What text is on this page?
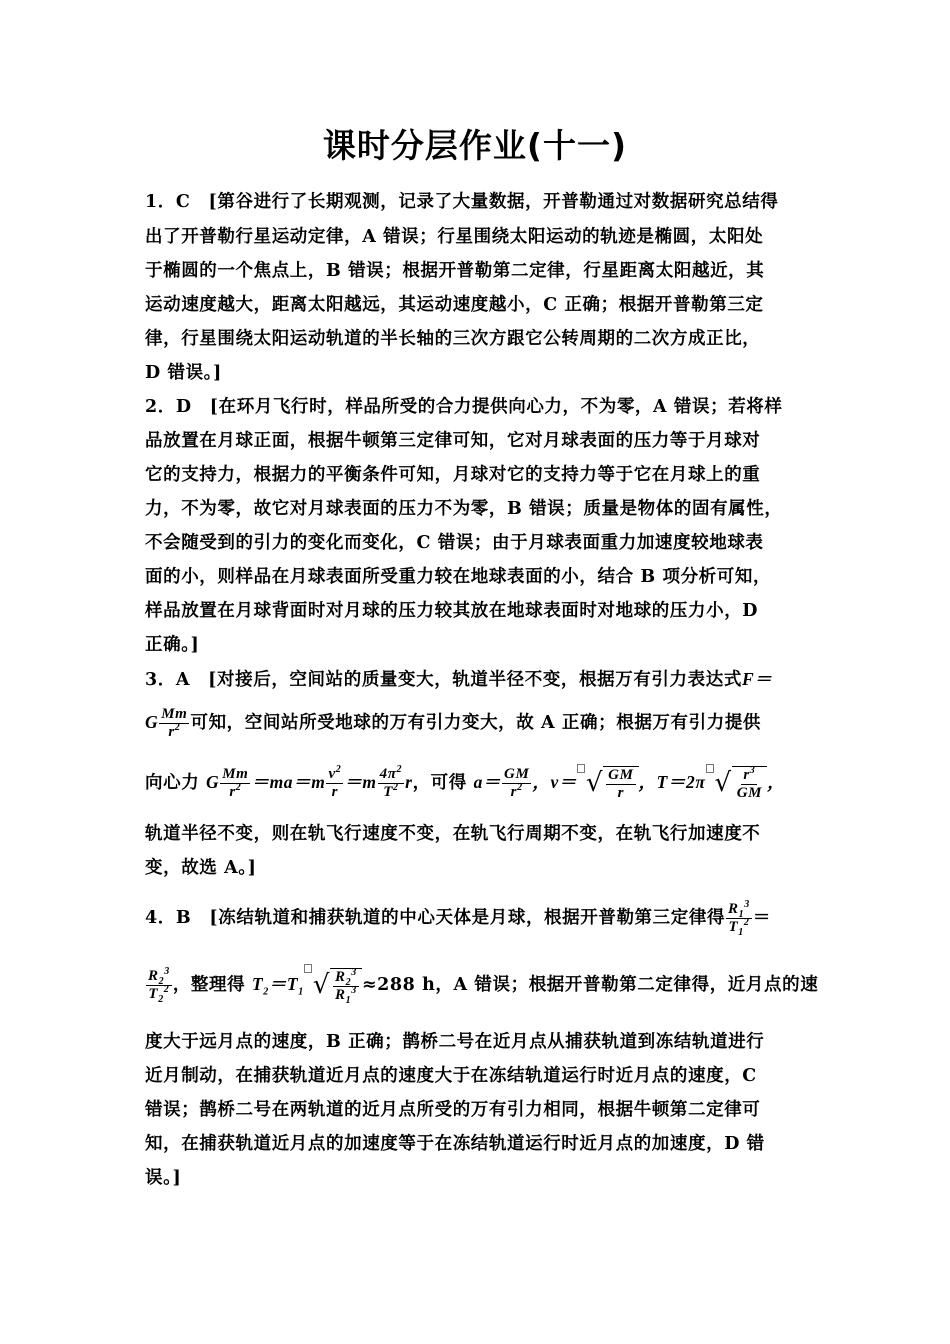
课时分层作业(十一)
1．C　[第谷进行了长期观测，记录了大量数据，开普勒通过对数据研究总结得
出了开普勒行星运动定律，A 错误；行星围绕太阳运动的轨迹是椭圆，太阳处
于椭圆的一个焦点上，B 错误；根据开普勒第二定律，行星距离太阳越近，其
运动速度越大，距离太阳越远，其运动速度越小，C 正确；根据开普勒第三定
律，行星围绕太阳运动轨道的半长轴的三次方跟它公转周期的二次方成正比，
D 错误。]
2．D　[在环月飞行时，样品所受的合力提供向心力，不为零，A 错误；若将样
品放置在月球正面，根据牛顿第三定律可知，它对月球表面的压力等于月球对
它的支持力，根据力的平衡条件可知，月球对它的支持力等于它在月球上的重
力，不为零，故它对月球表面的压力不为零，B 错误；质量是物体的固有属性，
不会随受到的引力的变化而变化，C 错误；由于月球表面重力加速度较地球表
面的小，则样品在月球表面所受重力较在地球表面的小，结合 B 项分析可知，
样品放置在月球背面时对月球的压力较其放在地球表面时对地球的压力小，D
正确。]
3．A　[对接后，空间站的质量变大，轨道半径不变，根据万有引力表达式F＝
G $\frac{Mm}{r^2}$ 可知，空间站所受地球的万有引力变大，故 A 正确；根据万有引力提供
向心力 G $\frac{Mm}{r^2} =ma=m \frac{v^2}{r} =m \frac{4\pi^2}{T^2}$ r，可得 $a= \frac{GM}{r^2}$ ，v＝ √ $\frac{GM}{r}$ ，T＝2π √ $\frac{r^3}{GM}$ ，
轨道半径不变，则在轨飞行速度不变，在轨飞行周期不变，在轨飞行加速度不
变，故选 A。]
4．B　[冻结轨道和捕获轨道的中心天体是月球，根据开普勒第三定律得 $\frac{R_1^3}{T_1^2}$ ＝
$\frac{R_2^3}{T_2^2}$ ，整理得 $T_2=T_1$ √ $\frac{R_2^3}{R_1^3} \approx 288$ h，A 错误；根据开普勒第二定律得，近月点的速
度大于远月点的速度，B 正确；鹊桥二号在近月点从捕获轨道到冻结轨道进行
近月制动，在捕获轨道近月点的速度大于在冻结轨道运行时近月点的速度，C
错误；鹊桥二号在两轨道的近月点所受的万有引力相同，根据牛顿第二定律可
知，在捕获轨道近月点的加速度等于在冻结轨道运行时近月点的加速度，D 错
误。]
